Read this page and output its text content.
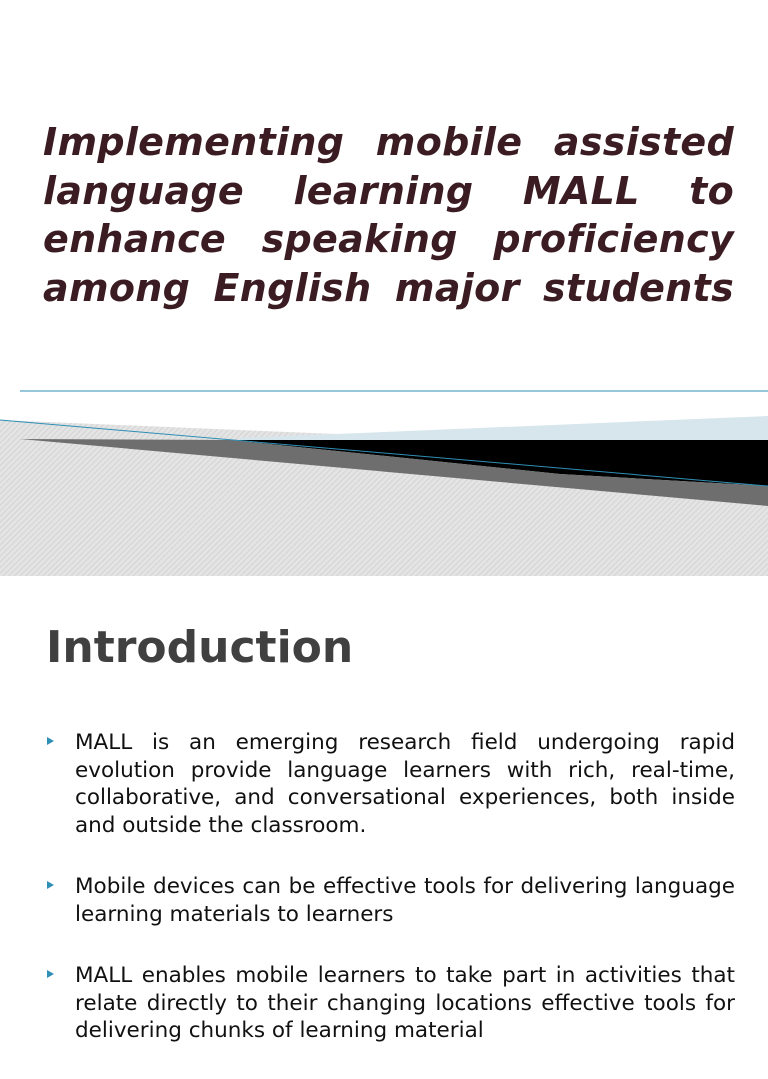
Implementing mobile assisted language learning MALL to enhance speaking proficiency among English major students
Introduction
MALL is an emerging research field undergoing rapid evolution provide language learners with rich, real-time, collaborative, and conversational experiences, both inside and outside the classroom.
Mobile devices can be effective tools for delivering language learning materials to learners
MALL enables mobile learners to take part in activities that relate directly to their changing locations effective tools for delivering chunks of learning material
